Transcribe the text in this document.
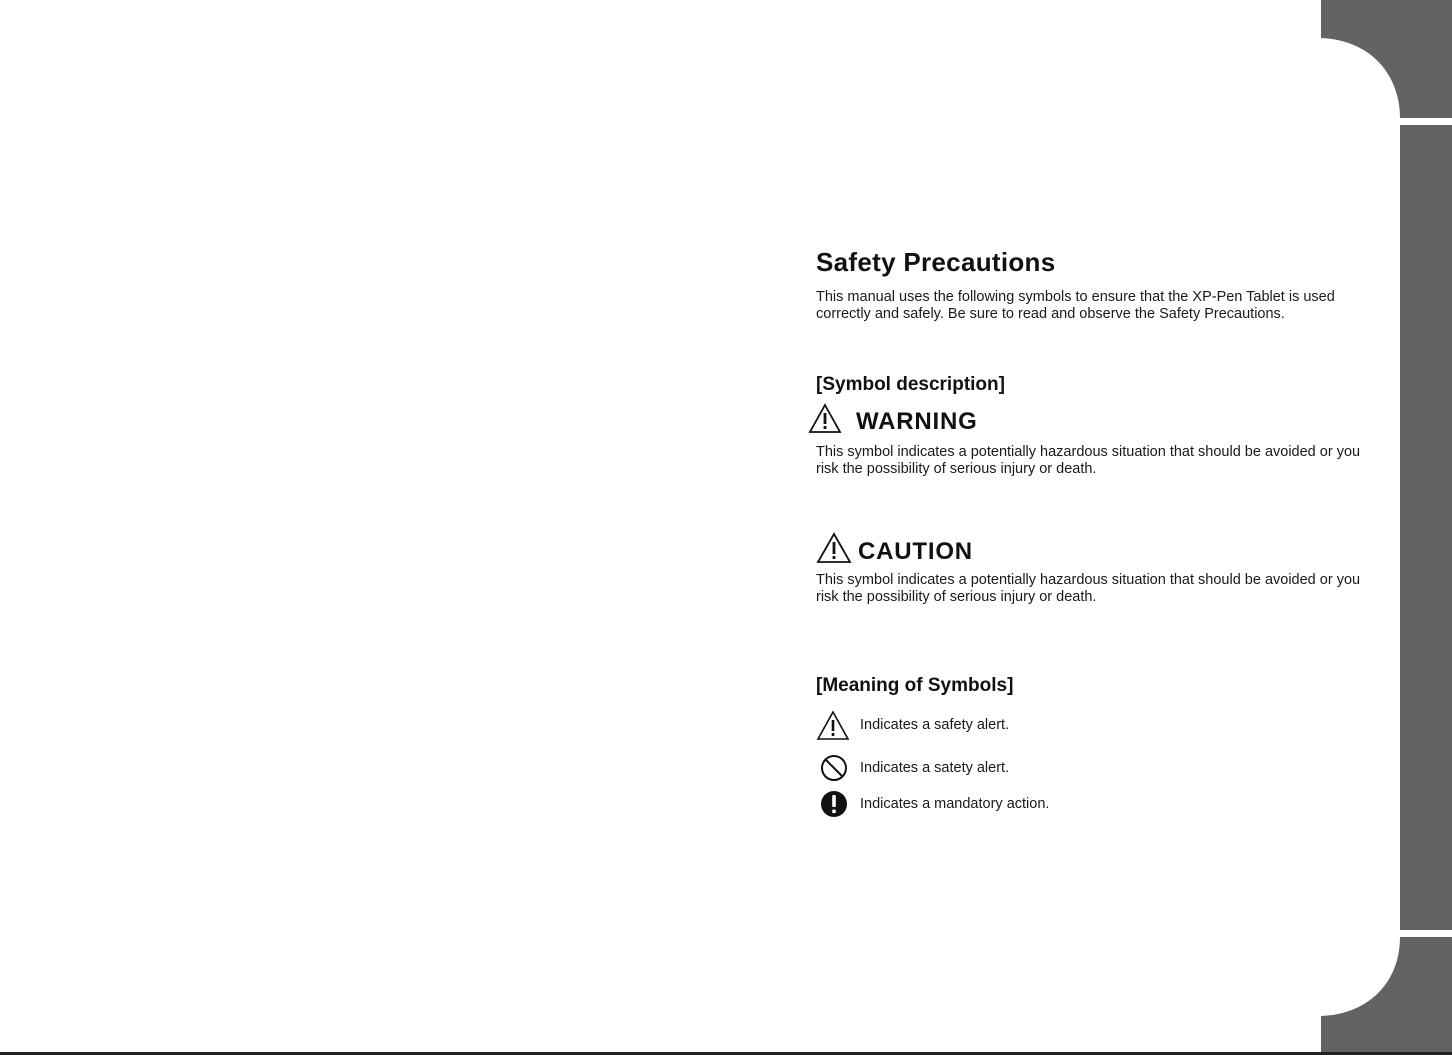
Safety Precautions

This manual uses the following symbols to ensure that the XP-Pen Tablet is used correctly and safely. Be sure to read and observe the Safety Precautions.

[Symbol description]
WARNING

This symbol indicates a potentially hazardous situation that should be avoided or you risk the possibility of serious injury or death.

CAUTION

This symbol indicates a potentially hazardous situation that should be avoided or you risk the possibility of serious injury or death.

[Meaning of Symbols]
Indicates a safety alert.
Indicates a satety alert.
Indicates a mandatory action.
